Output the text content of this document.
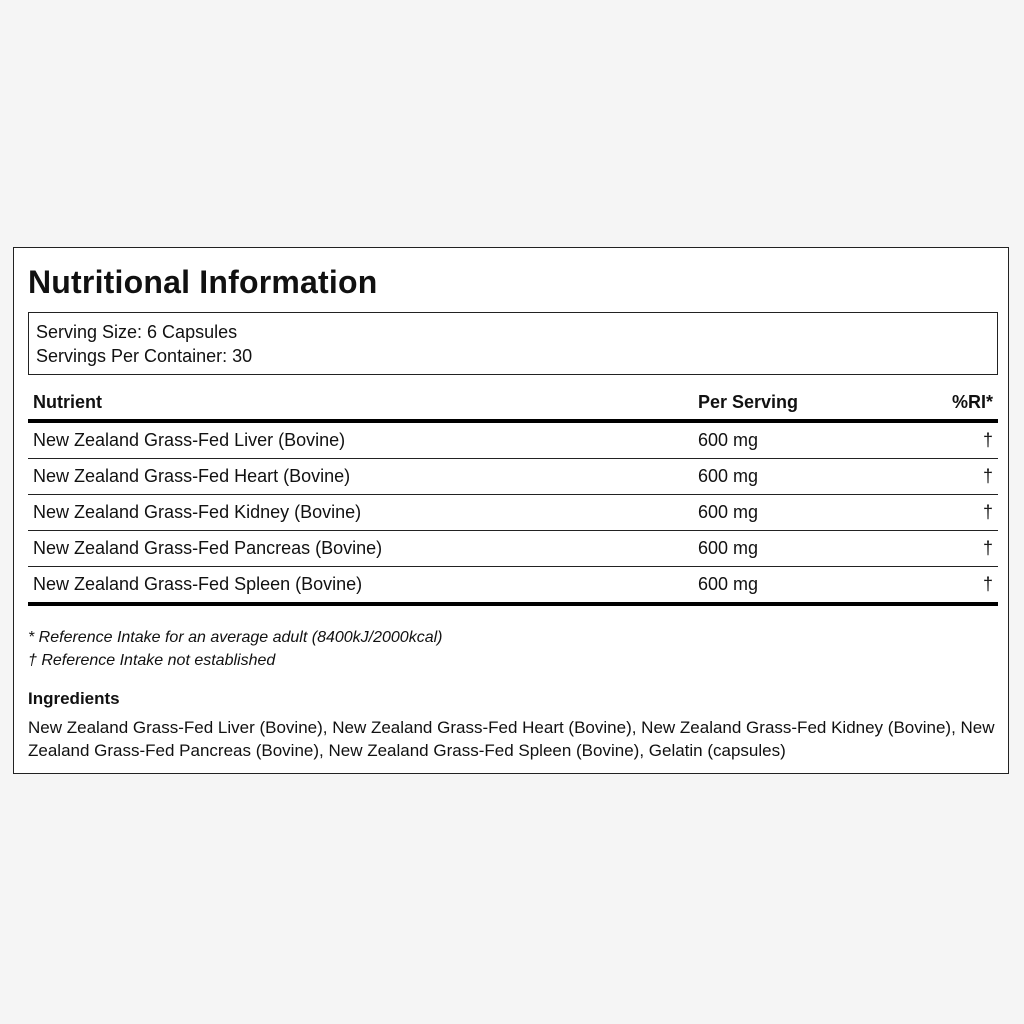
Nutritional Information
Serving Size: 6 Capsules
Servings Per Container: 30
Nutrient	Per Serving	%RI*
New Zealand Grass-Fed Liver (Bovine)	600 mg	†
New Zealand Grass-Fed Heart (Bovine)	600 mg	†
New Zealand Grass-Fed Kidney (Bovine)	600 mg	†
New Zealand Grass-Fed Pancreas (Bovine)	600 mg	†
New Zealand Grass-Fed Spleen (Bovine)	600 mg	†
* Reference Intake for an average adult (8400kJ/2000kcal)
† Reference Intake not established
Ingredients
New Zealand Grass-Fed Liver (Bovine), New Zealand Grass-Fed Heart (Bovine), New Zealand Grass-Fed Kidney (Bovine), New Zealand Grass-Fed Pancreas (Bovine), New Zealand Grass-Fed Spleen (Bovine), Gelatin (capsules)
